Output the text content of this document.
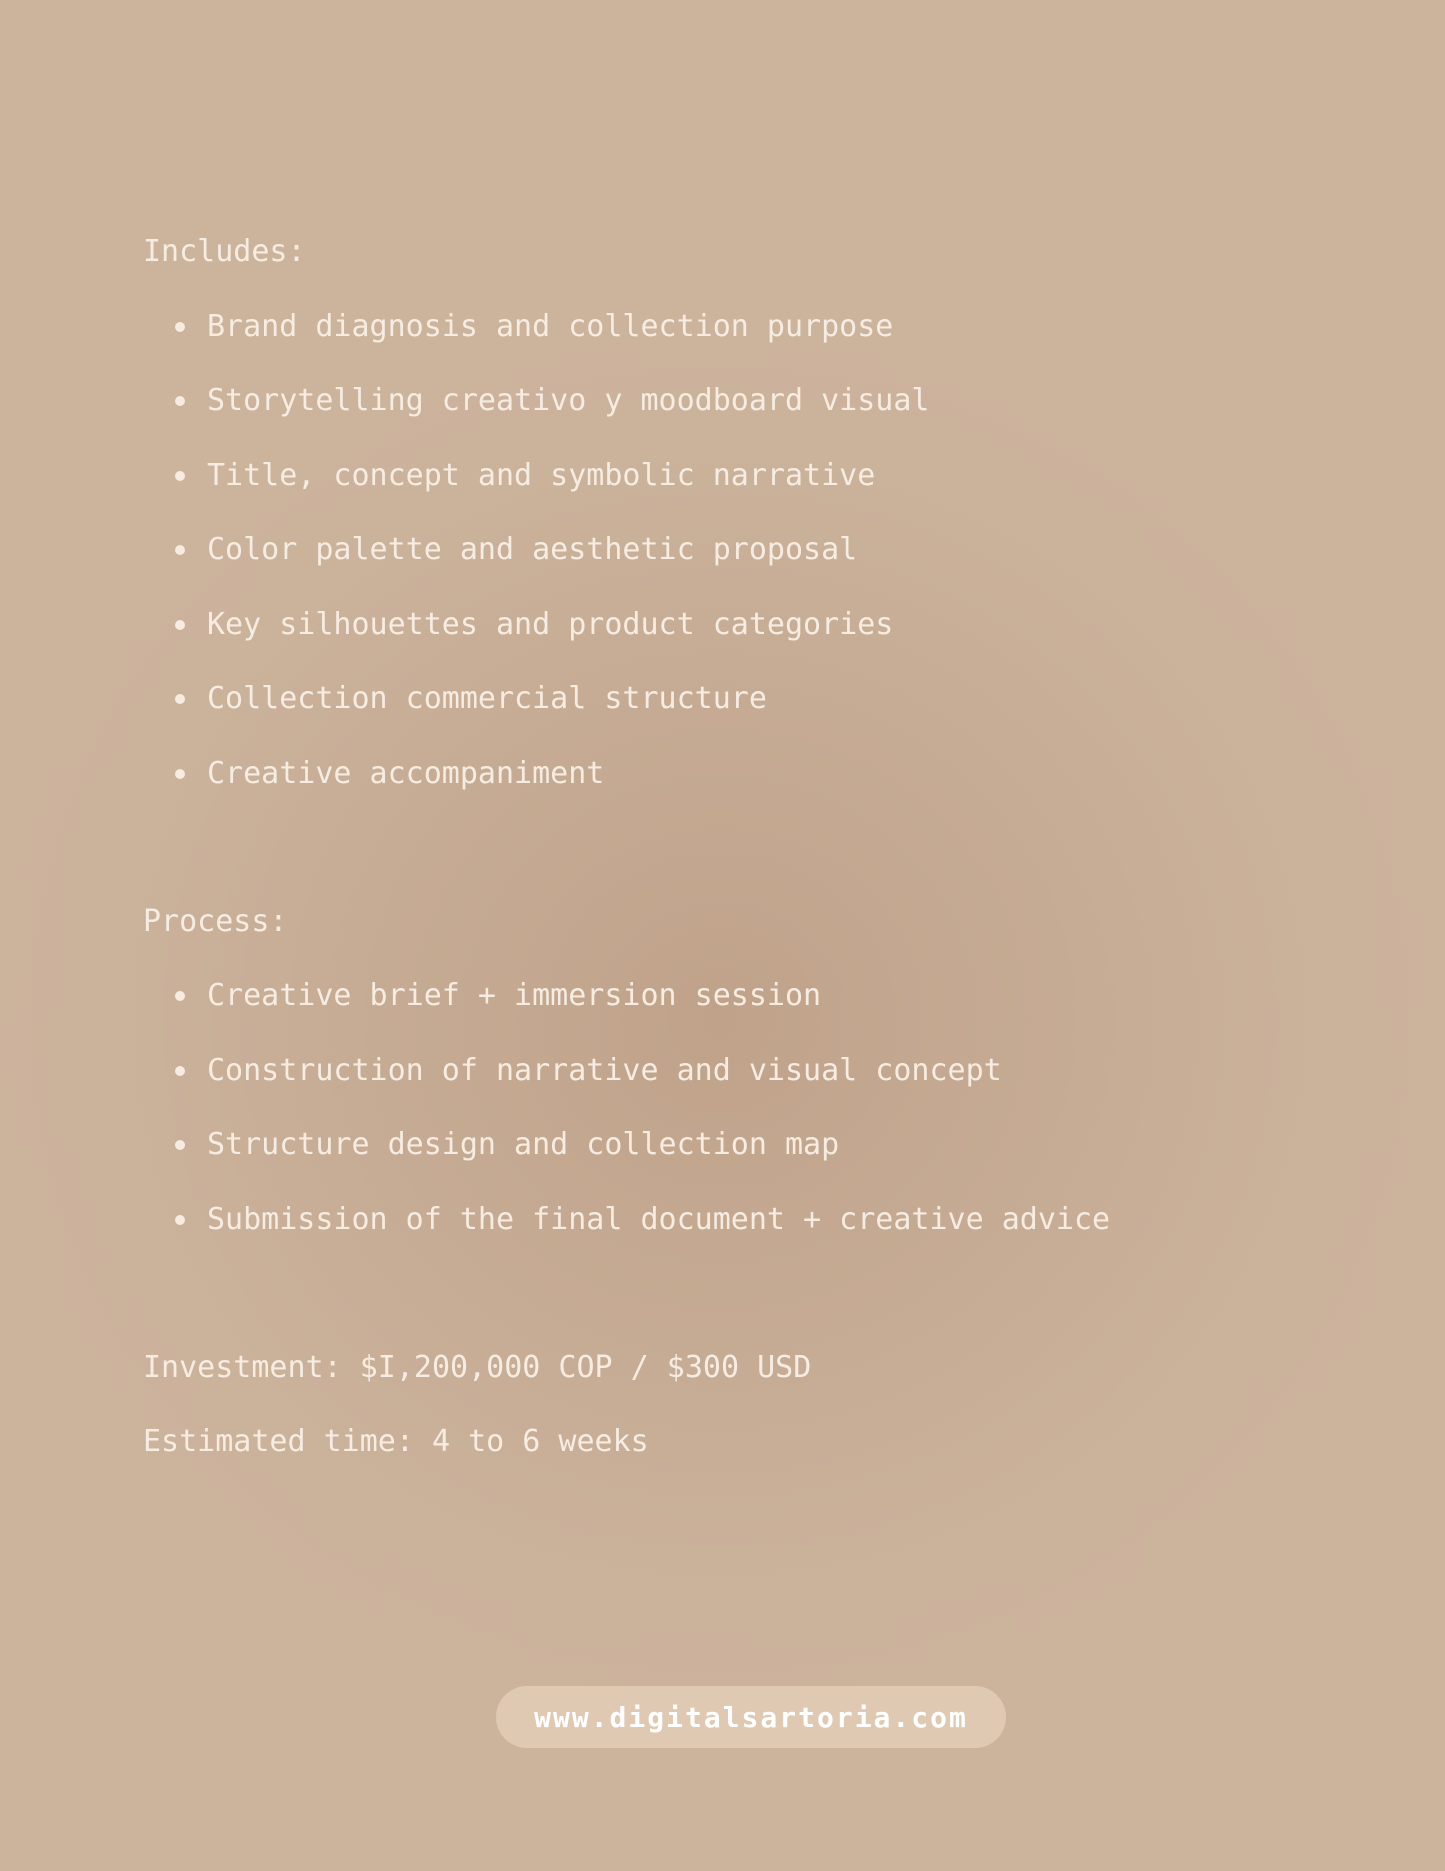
Includes:

Brand diagnosis and collection purpose
Storytelling creativo y moodboard visual
Title, concept and symbolic narrative
Color palette and aesthetic proposal
Key silhouettes and product categories
Collection commercial structure
Creative accompaniment

Process:

Creative brief + immersion session
Construction of narrative and visual concept
Structure design and collection map
Submission of the final document + creative advice

Investment: $I,200,000 COP / $300 USD

Estimated time: 4 to 6 weeks

www.digitalsartoria.com
